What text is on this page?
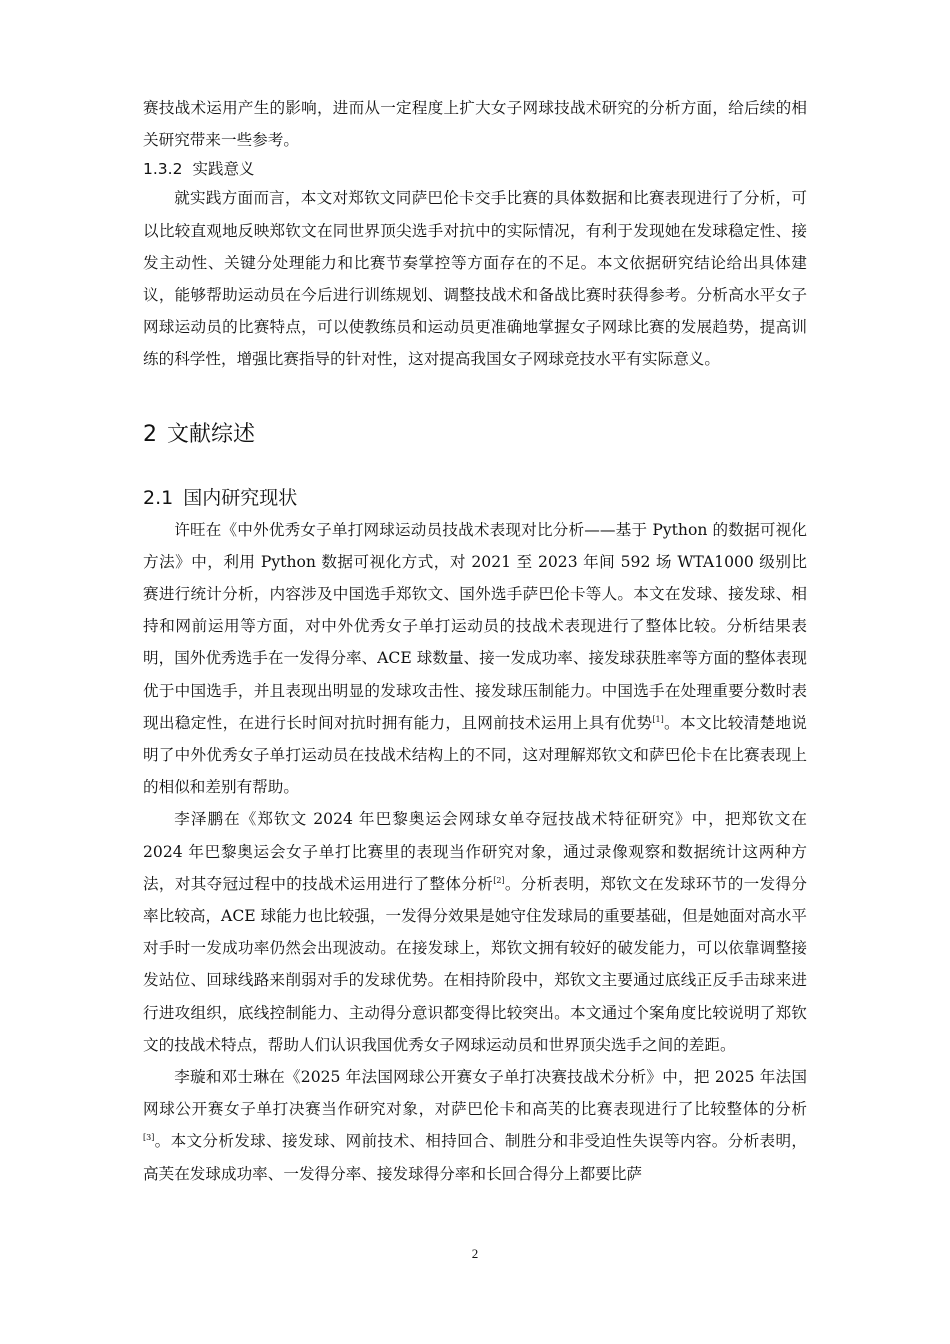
赛技战术运用产生的影响，进而从一定程度上扩大女子网球技战术研究的分析方面，给后续的相关研究带来一些参考。

1.3.2 实践意义

就实践方面而言，本文对郑钦文同萨巴伦卡交手比赛的具体数据和比赛表现进行了分析，可以比较直观地反映郑钦文在同世界顶尖选手对抗中的实际情况，有利于发现她在发球稳定性、接发主动性、关键分处理能力和比赛节奏掌控等方面存在的不足。本文依据研究结论给出具体建议，能够帮助运动员在今后进行训练规划、调整技战术和备战比赛时获得参考。分析高水平女子网球运动员的比赛特点，可以使教练员和运动员更准确地掌握女子网球比赛的发展趋势，提高训练的科学性，增强比赛指导的针对性，这对提高我国女子网球竞技水平有实际意义。

2 文献综述
2.1 国内研究现状

许旺在《中外优秀女子单打网球运动员技战术表现对比分析——基于 Python 的数据可视化方法》中，利用 Python 数据可视化方式，对 2021 至 2023 年间 592 场 WTA1000 级别比赛进行统计分析，内容涉及中国选手郑钦文、国外选手萨巴伦卡等人。本文在发球、接发球、相持和网前运用等方面，对中外优秀女子单打运动员的技战术表现进行了整体比较。分析结果表明，国外优秀选手在一发得分率、ACE 球数量、接一发成功率、接发球获胜率等方面的整体表现优于中国选手，并且表现出明显的发球攻击性、接发球压制能力。中国选手在处理重要分数时表现出稳定性，在进行长时间对抗时拥有能力，且网前技术运用上具有优势[1]。本文比较清楚地说明了中外优秀女子单打运动员在技战术结构上的不同，这对理解郑钦文和萨巴伦卡在比赛表现上的相似和差别有帮助。

李泽鹏在《郑钦文 2024 年巴黎奥运会网球女单夺冠技战术特征研究》中，把郑钦文在 2024 年巴黎奥运会女子单打比赛里的表现当作研究对象，通过录像观察和数据统计这两种方法，对其夺冠过程中的技战术运用进行了整体分析[2]。分析表明，郑钦文在发球环节的一发得分率比较高，ACE 球能力也比较强，一发得分效果是她守住发球局的重要基础，但是她面对高水平对手时一发成功率仍然会出现波动。在接发球上，郑钦文拥有较好的破发能力，可以依靠调整接发站位、回球线路来削弱对手的发球优势。在相持阶段中，郑钦文主要通过底线正反手击球来进行进攻组织，底线控制能力、主动得分意识都变得比较突出。本文通过个案角度比较说明了郑钦文的技战术特点，帮助人们认识我国优秀女子网球运动员和世界顶尖选手之间的差距。

李璇和邓士琳在《2025 年法国网球公开赛女子单打决赛技战术分析》中，把 2025 年法国网球公开赛女子单打决赛当作研究对象，对萨巴伦卡和高芙的比赛表现进行了比较整体的分析[3]。本文分析发球、接发球、网前技术、相持回合、制胜分和非受迫性失误等内容。分析表明，高芙在发球成功率、一发得分率、接发球得分率和长回合得分上都要比萨

2
